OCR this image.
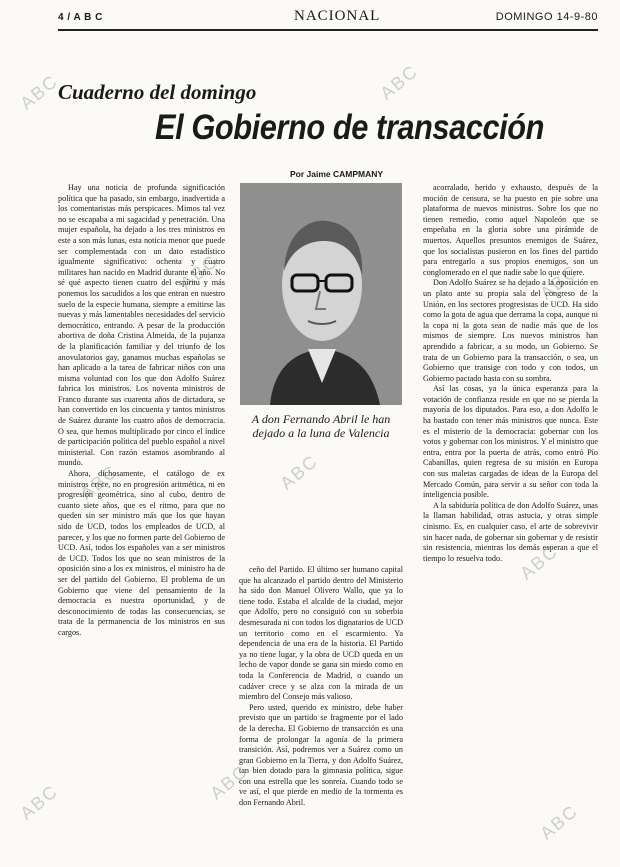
4 / A B C	NACIONAL	DOMINGO 14-9-80
Cuaderno del domingo
El Gobierno de transacción
Por Jaime CAMPMANY

Hay una noticia de profunda significación política que ha pasado, sin embargo, inadvertida a los comentaristas más perspicaces. Mimos tal vez no se escapaba a mi sagacidad y penetración. Una mujer española, ha dejado a los tres ministros en este a son más lunas, esta noticia menor que puede ser complementada con un dato estadístico igualmente significativo: ochenta y cuatro militares han nacido en Madrid durante el año. No sé qué aspecto tienen cuatro del espíritu y más ponemos los sacudidos a los que entran en nuestro suelo de la especie humana, siempre a emitirse las nuevas y más lamentables necesidades del servicio democrático, entrando. A pesar de la producción abortiva de doña Cristina Almeida, de la pujanza de la planificación familiar y del triunfo de los anovulatorios gay, ganamos muchas españolas se han aplicado a la tarea de fabricar niños con una misma voluntad con los que don Adolfo Suárez fabrica los ministros. Los noventa ministros de Franco durante sus cuarenta años de dictadura, se han convertido en los cincuenta y tantos ministros de Suárez durante los cuatro años de democracia. O sea, que hemos multiplicado por cinco el índice de participación política del pueblo español a nivel ministerial. Con razón estamos asombrando al mundo.

Ahora, dichosamente, el catálogo de ex ministros crece, no en progresión aritmética, ni en progresión geométrica, sino al cubo, dentro de cuanto siete años, que es el ritmo, para que no queden sin ser ministro más que los que hayan sido de UCD, todos los empleados de UCD, al parecer, y los que no formen parte del Gobierno de UCD. Así, todos los españoles van a ser ministros de UCD. Todos los que no sean ministros de la oposición sino a los ex ministros, el ministro ha de ser del partido del Gobierno. El problema de un Gobierno que viene del pensamiento de la democracia es nuestra oportunidad, y de desconocimiento de todas las consecuencias, se trata de la permanencia de los ministros en sus cargos.

A don Fernando Abril le han dejado a la luna de Valencia

ceño del Partido. El último ser humano capital que ha alcanzado el partido dentro del Ministerio ha sido don Manuel Olivero Wallo, que ya lo tiene todo. Estaba el alcalde de la ciudad, mejor que Adolfo, pero no consiguió con su soberbia desmesurada ni con todos los dignatarios de UCD un territorio como en el escarmiento. Ya dependencia de una era de la historia. El Partido ya no tiene lugar, y la obra de UCD queda en un lecho de vapor donde se gana sin miedo como en toda la Conferencia de Madrid, o cuando un cadáver crece y se alza con la mirada de un miembro del Consejo más valioso.

Pero usted, querido ex ministro, debe haber previsto que un partido se fragmente por el lado de la derecha. El Gobierno de transacción es una forma de prolongar la agonía de la primera transición. Así, podremos ver a Suárez como un gran Gobierno en la Tierra, y don Adolfo Suárez, tan bien dotado para la gimnasia política, sigue con una estrella que les sonreía. Cuando todo se ve así, el que pierde en medio de la tormenta es don Fernando Abril.

acorralado, herido y exhausto, después de la moción de censura, se ha puesto en pie sobre una plataforma de nuevos ministros. Sobre los que no tienen remedio, como aquel Napoleón que se empeñaba en la gloria sobre una pirámide de muertos. Aquellos presuntos enemigos de Suárez, que los socialistas pusieron en los fines del partido para entregarlo a sus propios enemigos, son un conglomerado en el que nadie sabe lo que quiere.

Don Adolfo Suárez se ha dejado a la oposición en un plato ante su propia sala del congreso de la Unión, en los sectores progresistas de UCD. Ha sido como la gota de agua que derrama la copa, aunque ni la copa ni la gota sean de nadie más que de los mismos de siempre. Los nuevos ministros han aprendido a fabricar, a su modo, un Gobierno. Se trata de un Gobierno para la transacción, o sea, un Gobierno que transige con todo y con todos, un Gobierno pactado hasta con su sombra.

Así las cosas, ya la única esperanza para la votación de confianza reside en que no se pierda la mayoría de los diputados. Para eso, a don Adolfo le ha bastado con tener más ministros que nunca. Este es el misterio de la democracia: gobernar con los votos y gobernar con los ministros. Y el ministro que entra, entra por la puerta de atrás, como entró Pío Cabanillas, quien regresa de su misión en Europa con sus maletas cargadas de ideas de la Europa del Mercado Común, para servir a su señor con toda la inteligencia posible.

A la sabiduría política de don Adolfo Suárez, unas la llaman habilidad, otras astucia, y otras simple cinismo. Es, en cualquier caso, el arte de sobrevivir sin hacer nada, de gobernar sin gobernar y de resistir sin resistencia, mientras los demás esperan a que el tiempo lo resuelva todo.

ABC
ABC
ABC
ABC
ABC	ABC
ABC
ABC	ABC
ABC
